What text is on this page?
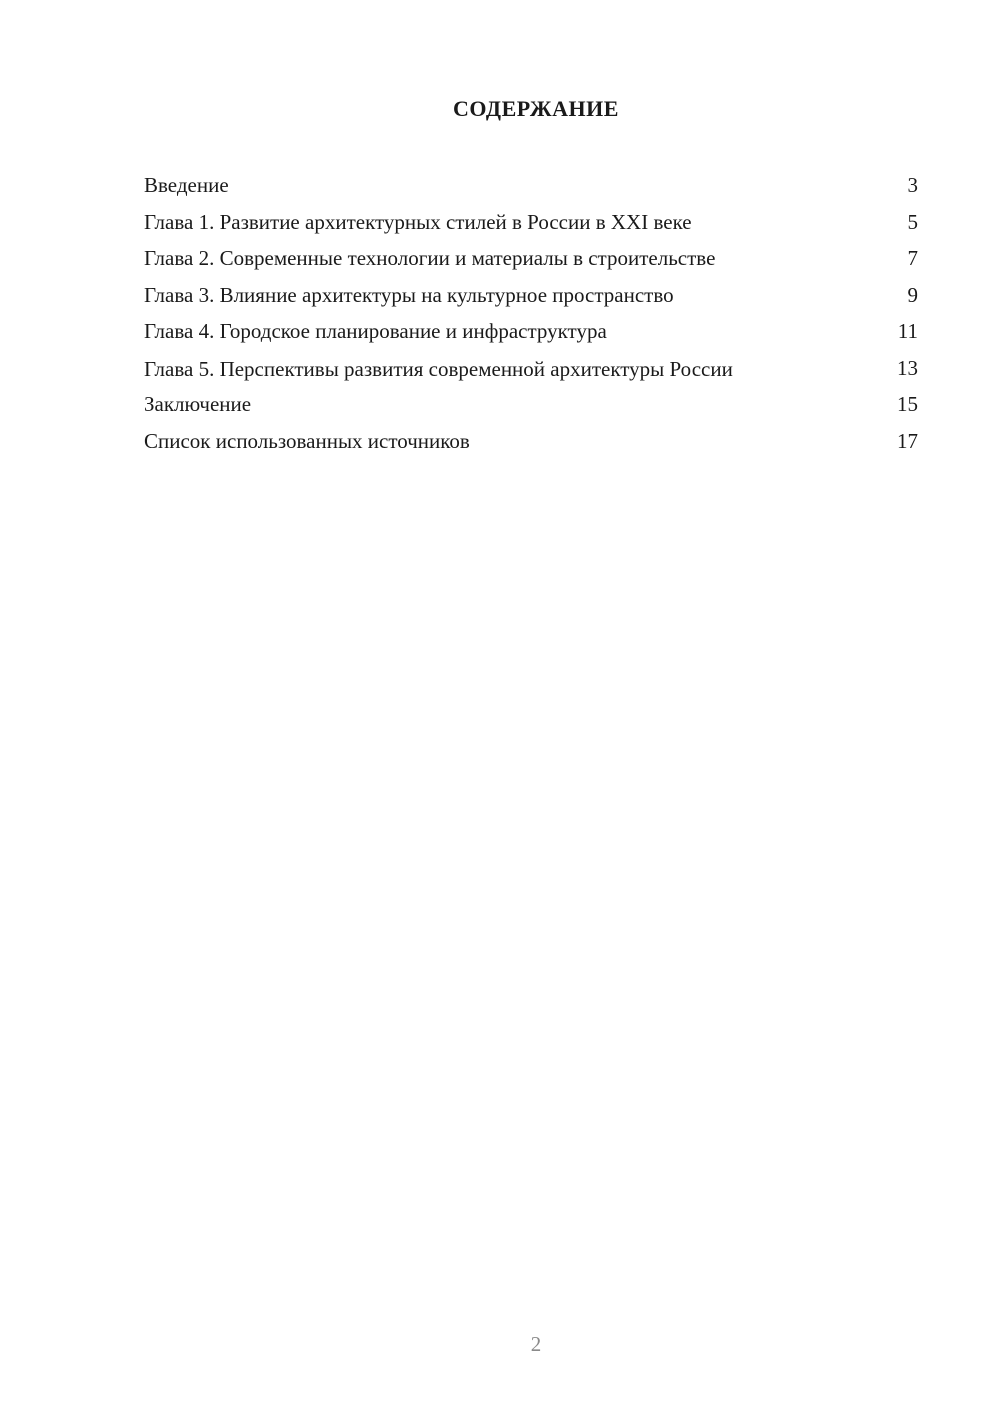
СОДЕРЖАНИЕ
Введение	3
Глава 1. Развитие архитектурных стилей в России в XXI веке	5
Глава 2. Современные технологии и материалы в строительстве	7
Глава 3. Влияние архитектуры на культурное пространство	9
Глава 4. Городское планирование и инфраструктура	11
Глава 5. Перспективы развития современной архитектуры России	13
Заключение	15
Список использованных источников	17
2
